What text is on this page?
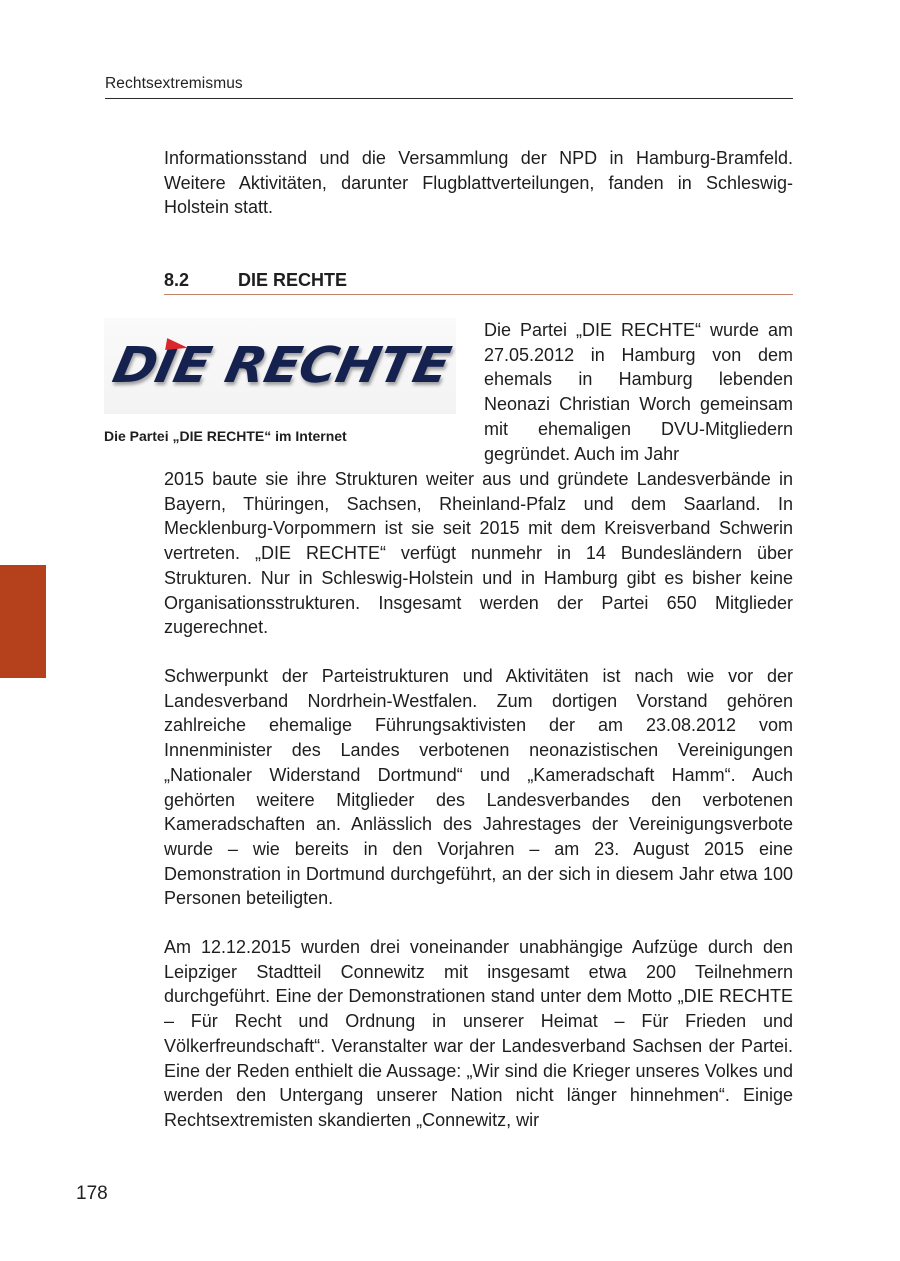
Rechtsextremismus

Informationsstand und die Versammlung der NPD in Hamburg-Bramfeld. Weitere Aktivitäten, darunter Flugblattverteilungen, fanden in Schleswig-Holstein statt.

8.2	DIE RECHTE
DIE RECHTE
Die Partei „DIE RECHTE“ im Internet

Die Partei „DIE RECHTE“ wurde am 27.05.2012 in Hamburg von dem ehemals in Hamburg lebenden Neonazi Christian Worch gemeinsam mit ehemaligen DVU-Mitgliedern gegründet. Auch im Jahr

2015 baute sie ihre Strukturen weiter aus und gründete Landesverbände in Bayern, Thüringen, Sachsen, Rheinland-Pfalz und dem Saarland. In Mecklenburg-Vorpommern ist sie seit 2015 mit dem Kreisverband Schwerin vertreten. „DIE RECHTE“ verfügt nunmehr in 14 Bundesländern über Strukturen. Nur in Schleswig-Holstein und in Hamburg gibt es bisher keine Organisationsstrukturen. Insgesamt werden der Partei 650 Mitglieder zugerechnet.

Schwerpunkt der Parteistrukturen und Aktivitäten ist nach wie vor der Landesverband Nordrhein-Westfalen. Zum dortigen Vorstand gehören zahlreiche ehemalige Führungsaktivisten der am 23.08.2012 vom Innenminister des Landes verbotenen neonazistischen Vereinigungen „Nationaler Widerstand Dortmund“ und „Kameradschaft Hamm“. Auch gehörten weitere Mitglieder des Landesverbandes den verbotenen Kameradschaften an. Anlässlich des Jahrestages der Vereinigungsverbote wurde – wie bereits in den Vorjahren – am 23. August 2015 eine Demonstration in Dortmund durchgeführt, an der sich in diesem Jahr etwa 100 Personen beteiligten.

Am 12.12.2015 wurden drei voneinander unabhängige Aufzüge durch den Leipziger Stadtteil Connewitz mit insgesamt etwa 200 Teilnehmern durchgeführt. Eine der Demonstrationen stand unter dem Motto „DIE RECHTE – Für Recht und Ordnung in unserer Heimat – Für Frieden und Völkerfreundschaft“. Veranstalter war der Landesverband Sachsen der Partei. Eine der Reden enthielt die Aussage: „Wir sind die Krieger unseres Volkes und werden den Untergang unserer Nation nicht länger hinnehmen“. Einige Rechtsextremisten skandierten „Connewitz, wir

178
